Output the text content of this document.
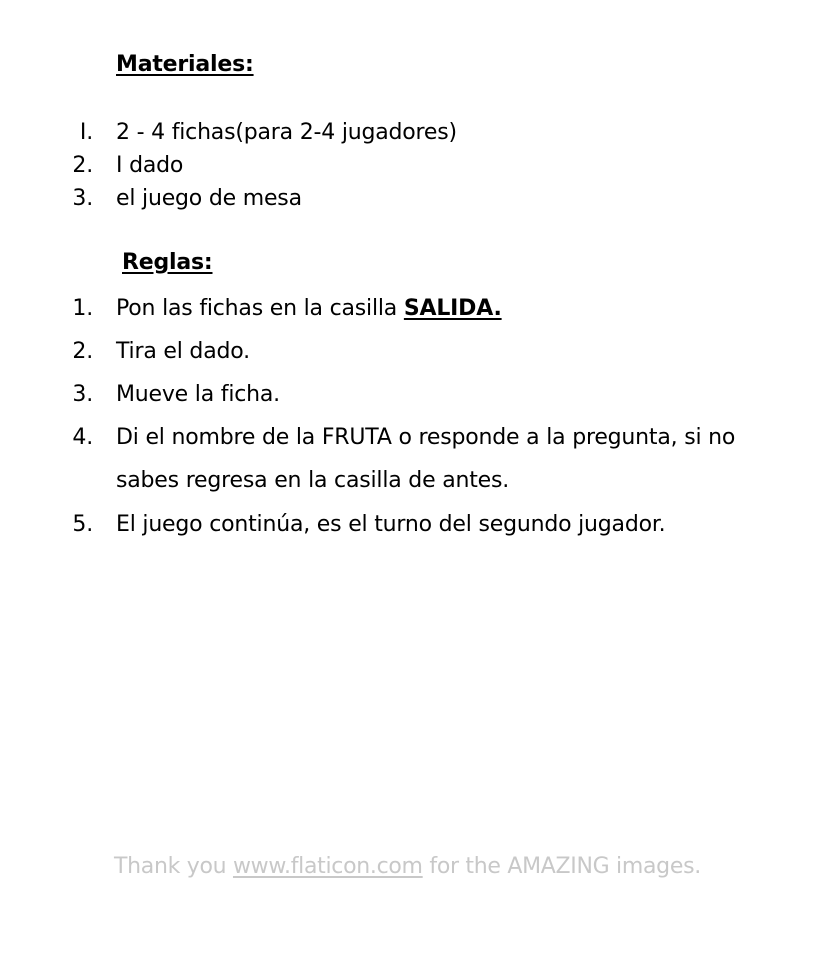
Materiales:
I. 2 - 4 fichas(para 2-4 jugadores)
2. I dado
3. el juego de mesa
Reglas:
1. Pon las fichas en la casilla SALIDA.
2. Tira el dado.
3. Mueve la ficha.
4. Di el nombre de la FRUTA o responde a la pregunta, si no sabes regresa en la casilla de antes.
5. El juego continúa, es el turno del segundo jugador.
Thank you www.flaticon.com for the AMAZING images.
